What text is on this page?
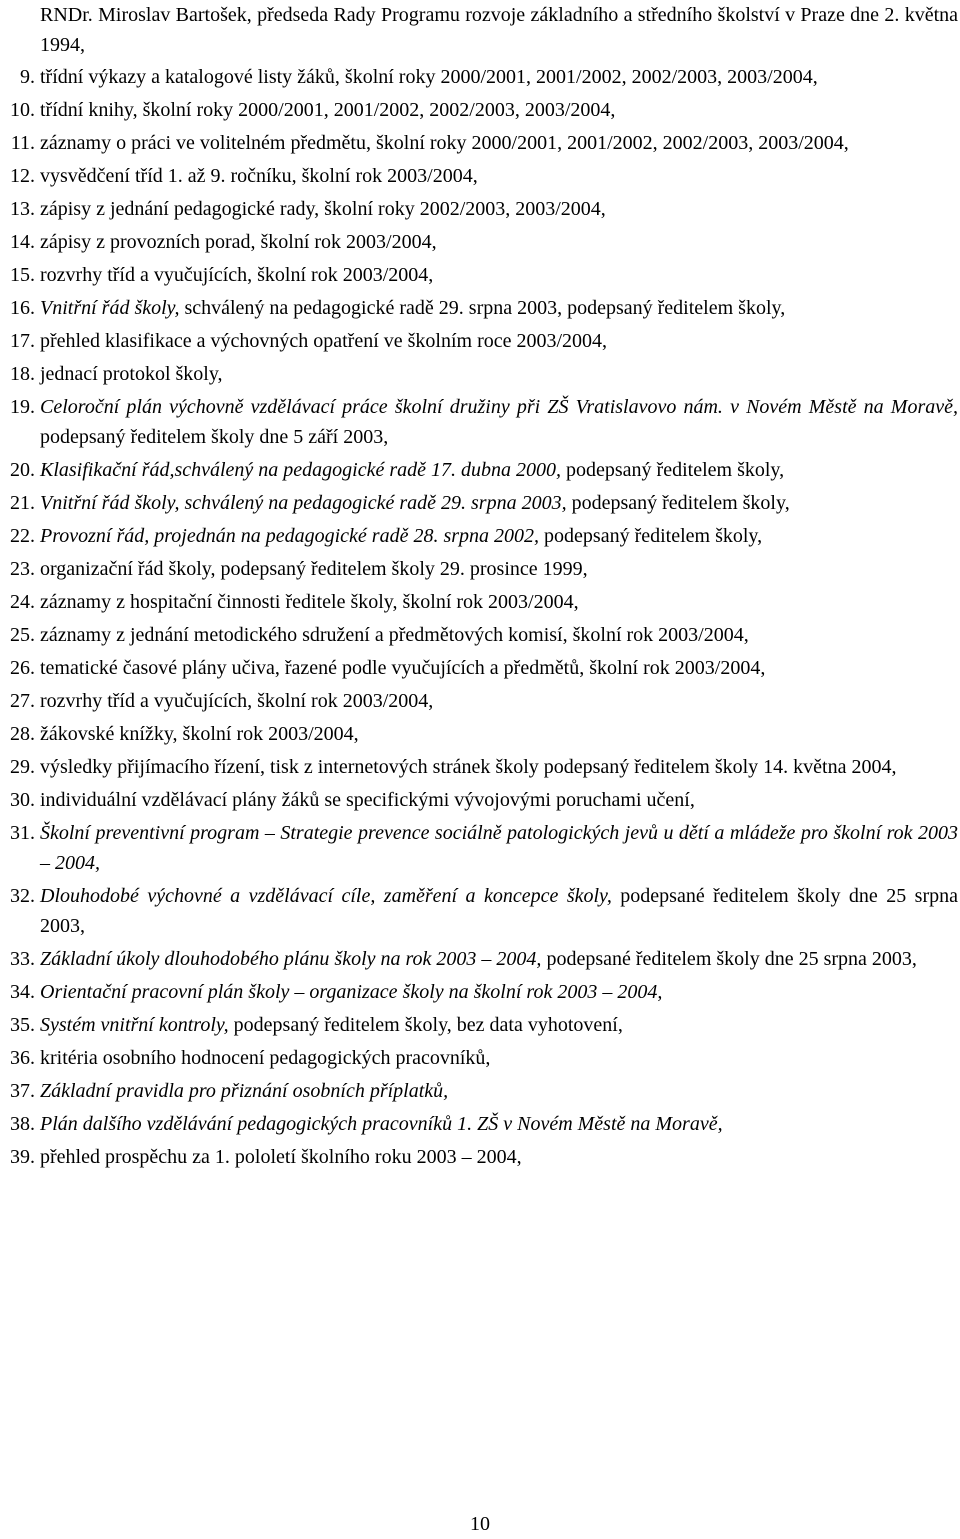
RNDr. Miroslav Bartošek, předseda Rady Programu rozvoje základního a středního školství v Praze dne 2. května 1994,
9. třídní výkazy a katalogové listy žáků, školní roky 2000/2001, 2001/2002, 2002/2003, 2003/2004,
10. třídní knihy, školní roky 2000/2001, 2001/2002, 2002/2003, 2003/2004,
11. záznamy o práci ve volitelném předmětu, školní roky 2000/2001, 2001/2002, 2002/2003, 2003/2004,
12. vysvědčení tříd 1. až 9. ročníku, školní rok 2003/2004,
13. zápisy z jednání pedagogické rady, školní roky 2002/2003, 2003/2004,
14. zápisy z provozních porad, školní rok 2003/2004,
15. rozvrhy tříd a vyučujících, školní rok 2003/2004,
16. Vnitřní řád školy, schválený na pedagogické radě 29. srpna 2003, podepsaný ředitelem školy,
17. přehled klasifikace a výchovných opatření ve školním roce 2003/2004,
18. jednací protokol školy,
19. Celoroční plán výchovně vzdělávací práce školní družiny při ZŠ Vratislavovo nám. v Novém Městě na Moravě, podepsaný ředitelem školy dne 5 září 2003,
20. Klasifikační řád,schválený na pedagogické radě 17. dubna 2000, podepsaný ředitelem školy,
21. Vnitřní řád školy, schválený na pedagogické radě 29. srpna 2003, podepsaný ředitelem školy,
22. Provozní řád, projednán na pedagogické radě 28. srpna 2002, podepsaný ředitelem školy,
23. organizační řád školy, podepsaný ředitelem školy 29. prosince 1999,
24. záznamy z hospitační činnosti ředitele školy, školní rok 2003/2004,
25. záznamy z jednání metodického sdružení a předmětových komisí, školní rok 2003/2004,
26. tematické časové plány učiva, řazené podle vyučujících a předmětů, školní rok 2003/2004,
27. rozvrhy tříd a vyučujících, školní rok 2003/2004,
28. žákovské knížky, školní rok 2003/2004,
29. výsledky přijímacího řízení, tisk z internetových stránek školy podepsaný ředitelem školy 14. května 2004,
30. individuální vzdělávací plány žáků se specifickými vývojovými poruchami učení,
31. Školní preventivní program – Strategie prevence sociálně patologických jevů u dětí a mládeže pro školní rok 2003 – 2004,
32. Dlouhodobé výchovné a vzdělávací cíle, zaměření a koncepce školy, podepsané ředitelem školy dne 25 srpna 2003,
33. Základní úkoly dlouhodobého plánu školy na rok 2003 – 2004, podepsané ředitelem školy dne 25 srpna 2003,
34. Orientační pracovní plán školy – organizace školy na školní rok 2003 – 2004,
35. Systém vnitřní kontroly, podepsaný ředitelem školy, bez data vyhotovení,
36. kritéria osobního hodnocení pedagogických pracovníků,
37. Základní pravidla pro přiznání osobních příplatků,
38. Plán dalšího vzdělávání pedagogických pracovníků 1. ZŠ v Novém Městě na Moravě,
39. přehled prospěchu za 1. pololetí školního roku 2003 – 2004,
10
